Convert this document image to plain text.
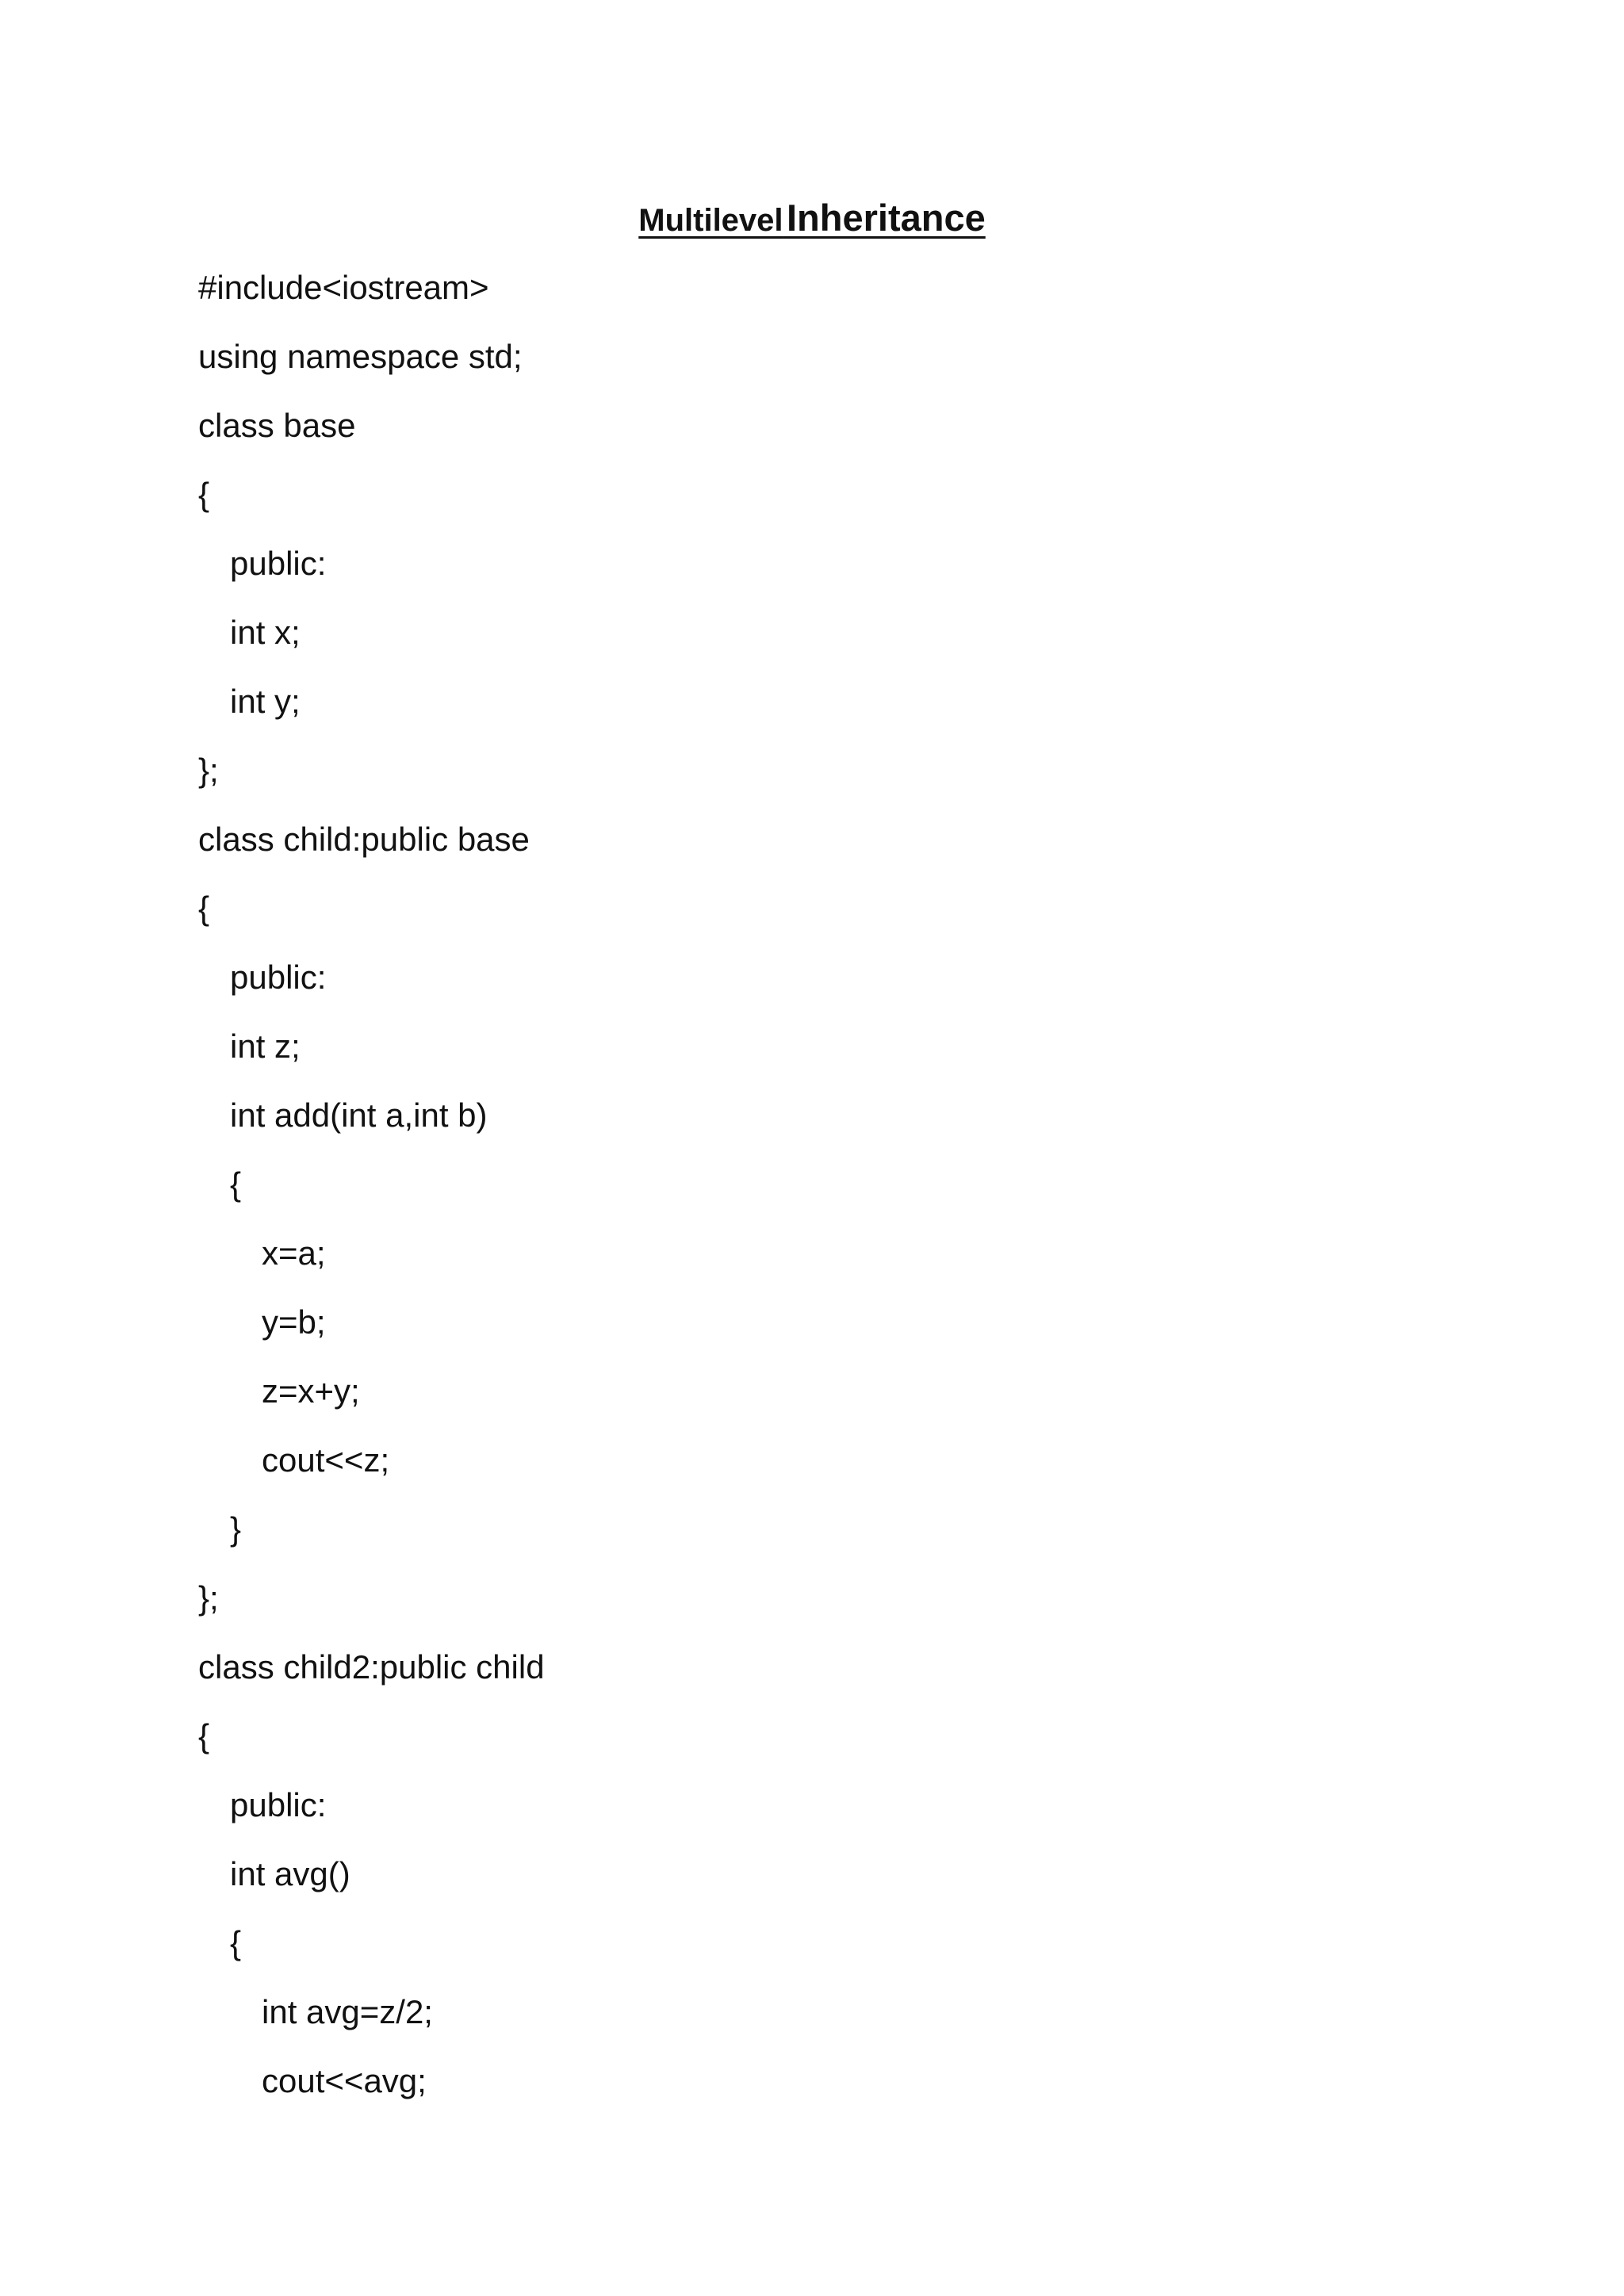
Multilevel Inheritance
#include<iostream>
using namespace std;
class base
{
public:
int x;
int y;
};
class child:public base
{
public:
int z;
int add(int a,int b)
{
x=a;
y=b;
z=x+y;
cout<<z;
}
};
class child2:public child
{
public:
int avg()
{
int avg=z/2;
cout<<avg;
